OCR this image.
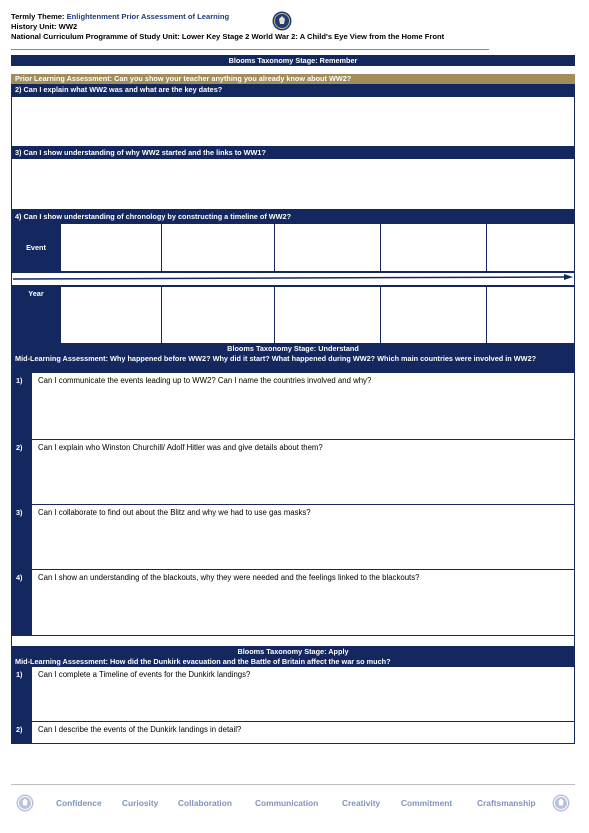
Termly Theme: Enlightenment Prior Assessment of Learning
History Unit: WW2
National Curriculum Programme of Study Unit: Lower Key Stage 2 World War 2: A Child's Eye View from the Home Front
Blooms Taxonomy Stage: Remember
Prior Learning Assessment: Can you show your teacher anything you already know about WW2?
2) Can I explain what WW2 was and what are the key dates?
3) Can I show understanding of why WW2 started and the links to WW1?
4) Can I show understanding of chronology by constructing a timeline of WW2?
Event
Year
Blooms Taxonomy Stage: Understand
Mid-Learning Assessment: Why happened before WW2? Why did it start? What happened during WW2? Which main countries were involved in WW2?
1)	Can I communicate the events leading up to WW2? Can I name the countries involved and why?
2)	Can I explain who Winston Churchill/ Adolf Hitler was and give details about them?
3)	Can I collaborate to find out about the Blitz and why we had to use gas masks?
4)	Can I show an understanding of the blackouts, why they were needed and the feelings linked to the blackouts?
Blooms Taxonomy Stage: Apply
Mid-Learning Assessment: How did the Dunkirk evacuation and the Battle of Britain affect the war so much?
1)	Can I complete a Timeline of events for the Dunkirk landings?
2)	Can I describe the events of the Dunkirk landings in detail?
Confidence Curiosity Collaboration	Communication	Creativity Commitment	Craftsmanship
